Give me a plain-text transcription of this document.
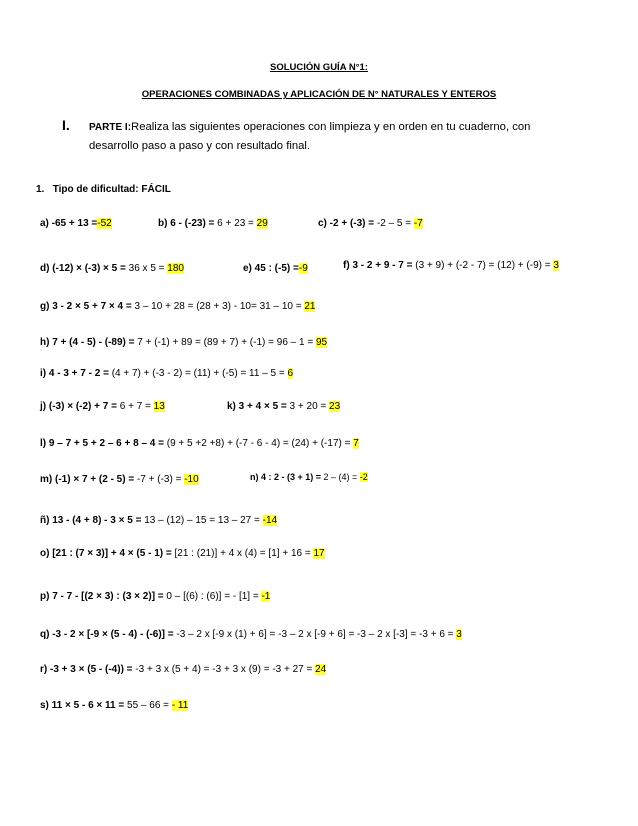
SOLUCIÓN GUÍA N°1:
OPERACIONES COMBINADAS y APLICACIÓN DE N° NATURALES Y ENTEROS
I. PARTE I:Realiza las siguientes operaciones con limpieza y en orden en tu cuaderno, con desarrollo paso a paso y con resultado final.
1. Tipo de dificultad: FÁCIL
a) -65 + 13 =-52	b) 6 - (-23) = 6 + 23 = 29	c) -2 + (-3) = -2 – 5 = -7
d) (-12) × (-3) × 5 = 36 x 5 = 180	e) 45 : (-5) =-9	f) 3 - 2 + 9 - 7 = (3 + 9) + (-2 - 7) = (12) + (-9) = 3
g) 3 - 2 × 5 + 7 × 4 = 3 – 10 + 28 = (28 + 3) - 10= 31 – 10 = 21
h) 7 + (4 - 5) - (-89) = 7 + (-1) + 89 = (89 + 7) + (-1) = 96 – 1 = 95
i) 4 - 3 + 7 - 2 = (4 + 7) + (-3 - 2) = (11) + (-5) = 11 – 5 = 6
j) (-3) × (-2) + 7 = 6 + 7 = 13	k) 3 + 4 × 5 = 3 + 20 = 23
l) 9 – 7 + 5 + 2 – 6 + 8 – 4 = (9 + 5 +2 +8) + (-7 - 6 - 4) = (24) + (-17) = 7
m) (-1) × 7 + (2 - 5) = -7 + (-3) = -10	n) 4 : 2 - (3 + 1) = 2 – (4) = -2
ñ) 13 - (4 + 8) - 3 × 5 = 13 – (12) – 15 = 13 – 27 = -14
o) [21 : (7 × 3)] + 4 × (5 - 1) = [21 : (21)] + 4 x (4) = [1] + 16 = 17
p) 7 - 7 - [(2 × 3) : (3 × 2)] = 0 – [(6) : (6)] = - [1] = -1
q) -3 - 2 × [-9 × (5 - 4) - (-6)] = -3 – 2 x [-9 x (1) + 6] = -3 – 2 x [-9 + 6] = -3 – 2 x [-3] = -3 + 6 = 3
r) -3 + 3 × (5 - (-4)) = -3 + 3 x (5 + 4) = -3 + 3 x (9) = -3 + 27 = 24
s) 11 × 5 - 6 × 11 = 55 – 66 = - 11
